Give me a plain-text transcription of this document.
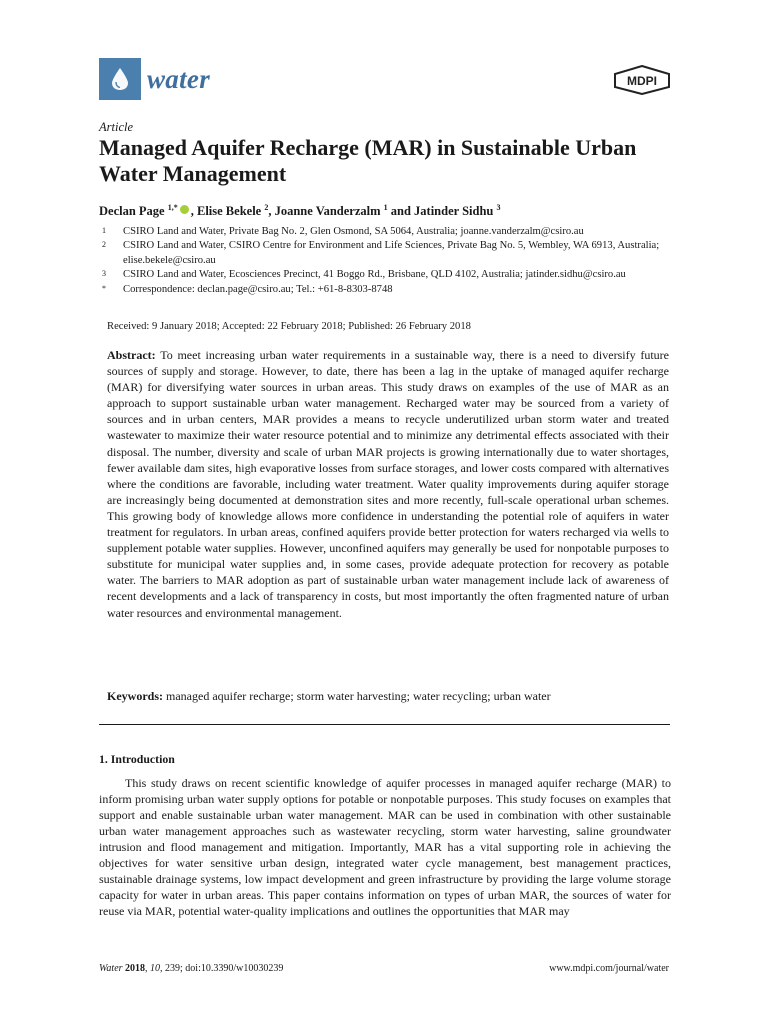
water	MDPI
Article
Managed Aquifer Recharge (MAR) in Sustainable Urban Water Management
Declan Page $^{1,*}$ , Elise Bekele $^2$, Joanne Vanderzalm $^1$ and Jatinder Sidhu $^3$
1	CSIRO Land and Water, Private Bag No. 2, Glen Osmond, SA 5064, Australia; joanne.vanderzalm@csiro.au
2	CSIRO Land and Water, CSIRO Centre for Environment and Life Sciences, Private Bag No. 5, Wembley, WA 6913, Australia; elise.bekele@csiro.au
3	CSIRO Land and Water, Ecosciences Precinct, 41 Boggo Rd., Brisbane, QLD 4102, Australia; jatinder.sidhu@csiro.au
*	Correspondence: declan.page@csiro.au; Tel.: +61-8-8303-8748
Received: 9 January 2018; Accepted: 22 February 2018; Published: 26 February 2018
Abstract: To meet increasing urban water requirements in a sustainable way, there is a need to diversify future sources of supply and storage. However, to date, there has been a lag in the uptake of managed aquifer recharge (MAR) for diversifying water sources in urban areas. This study draws on examples of the use of MAR as an approach to support sustainable urban water management. Recharged water may be sourced from a variety of sources and in urban centers, MAR provides a means to recycle underutilized urban storm water and treated wastewater to maximize their water resource potential and to minimize any detrimental effects associated with their disposal. The number, diversity and scale of urban MAR projects is growing internationally due to water shortages, fewer available dam sites, high evaporative losses from surface storages, and lower costs compared with alternatives where the conditions are favorable, including water treatment. Water quality improvements during aquifer storage are increasingly being documented at demonstration sites and more recently, full-scale operational urban schemes. This growing body of knowledge allows more confidence in understanding the potential role of aquifers in water treatment for regulators. In urban areas, confined aquifers provide better protection for waters recharged via wells to supplement potable water supplies. However, unconfined aquifers may generally be used for nonpotable purposes to substitute for municipal water supplies and, in some cases, provide adequate protection for recovery as potable water. The barriers to MAR adoption as part of sustainable urban water management include lack of awareness of recent developments and a lack of transparency in costs, but most importantly the often fragmented nature of urban water resources and environmental management.
Keywords: managed aquifer recharge; storm water harvesting; water recycling; urban water
1. Introduction
This study draws on recent scientific knowledge of aquifer processes in managed aquifer recharge (MAR) to inform promising urban water supply options for potable or nonpotable purposes. This study focuses on examples that support and enable sustainable urban water management. MAR can be used in combination with other sustainable urban water management approaches such as wastewater recycling, storm water harvesting, saline groundwater intrusion and flood management and mitigation. Importantly, MAR has a vital supporting role in achieving the objectives for water sensitive urban design, integrated water cycle management, best management practices, sustainable drainage systems, low impact development and green infrastructure by providing the large volume storage capacity for water in urban areas. This paper contains information on types of urban MAR, the sources of water for reuse via MAR, potential water-quality implications and outlines the opportunities that MAR may
Water 2018, 10, 239; doi:10.3390/w10030239	www.mdpi.com/journal/water
